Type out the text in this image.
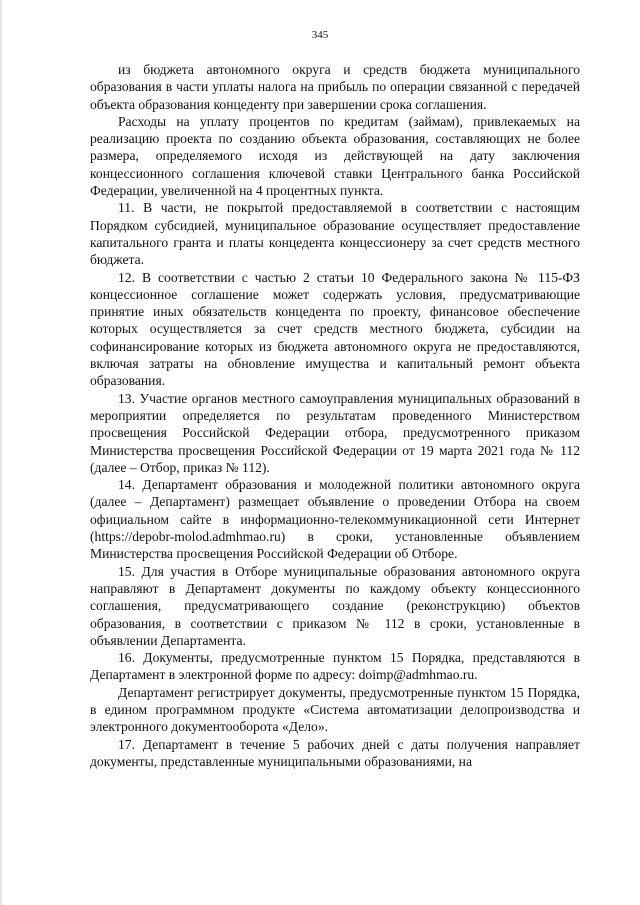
345

из бюджета автономного округа и средств бюджета муниципального образования в части уплаты налога на прибыль по операции связанной с передачей объекта образования концеденту при завершении срока соглашения.

Расходы на уплату процентов по кредитам (займам), привлекаемых на реализацию проекта по созданию объекта образования, составляющих не более размера, определяемого исходя из действующей на дату заключения концессионного соглашения ключевой ставки Центрального банка Российской Федерации, увеличенной на 4 процентных пункта.

11. В части, не покрытой предоставляемой в соответствии с настоящим Порядком субсидией, муниципальное образование осуществляет предоставление капитального гранта и платы концедента концессионеру за счет средств местного бюджета.

12. В соответствии с частью 2 статьи 10 Федерального закона № 115-ФЗ концессионное соглашение может содержать условия, предусматривающие принятие иных обязательств концедента по проекту, финансовое обеспечение которых осуществляется за счет средств местного бюджета, субсидии на софинансирование которых из бюджета автономного округа не предоставляются, включая затраты на обновление имущества и капитальный ремонт объекта образования.

13. Участие органов местного самоуправления муниципальных образований в мероприятии определяется по результатам проведенного Министерством просвещения Российской Федерации отбора, предусмотренного приказом Министерства просвещения Российской Федерации от 19 марта 2021 года № 112 (далее – Отбор, приказ № 112).

14. Департамент образования и молодежной политики автономного округа (далее – Департамент) размещает объявление о проведении Отбора на своем официальном сайте в информационно-телекоммуникационной сети Интернет (https://depobr-molod.admhmao.ru) в сроки, установленные объявлением Министерства просвещения Российской Федерации об Отборе.

15. Для участия в Отборе муниципальные образования автономного округа направляют в Департамент документы по каждому объекту концессионного соглашения, предусматривающего создание (реконструкцию) объектов образования, в соответствии с приказом № 112 в сроки, установленные в объявлении Департамента.

16. Документы, предусмотренные пунктом 15 Порядка, представляются в Департамент в электронной форме по адресу: doimp@admhmao.ru.

Департамент регистрирует документы, предусмотренные пунктом 15 Порядка, в едином программном продукте «Система автоматизации делопроизводства и электронного документооборота «Дело».

17. Департамент в течение 5 рабочих дней с даты получения направляет документы, представленные муниципальными образованиями, на
